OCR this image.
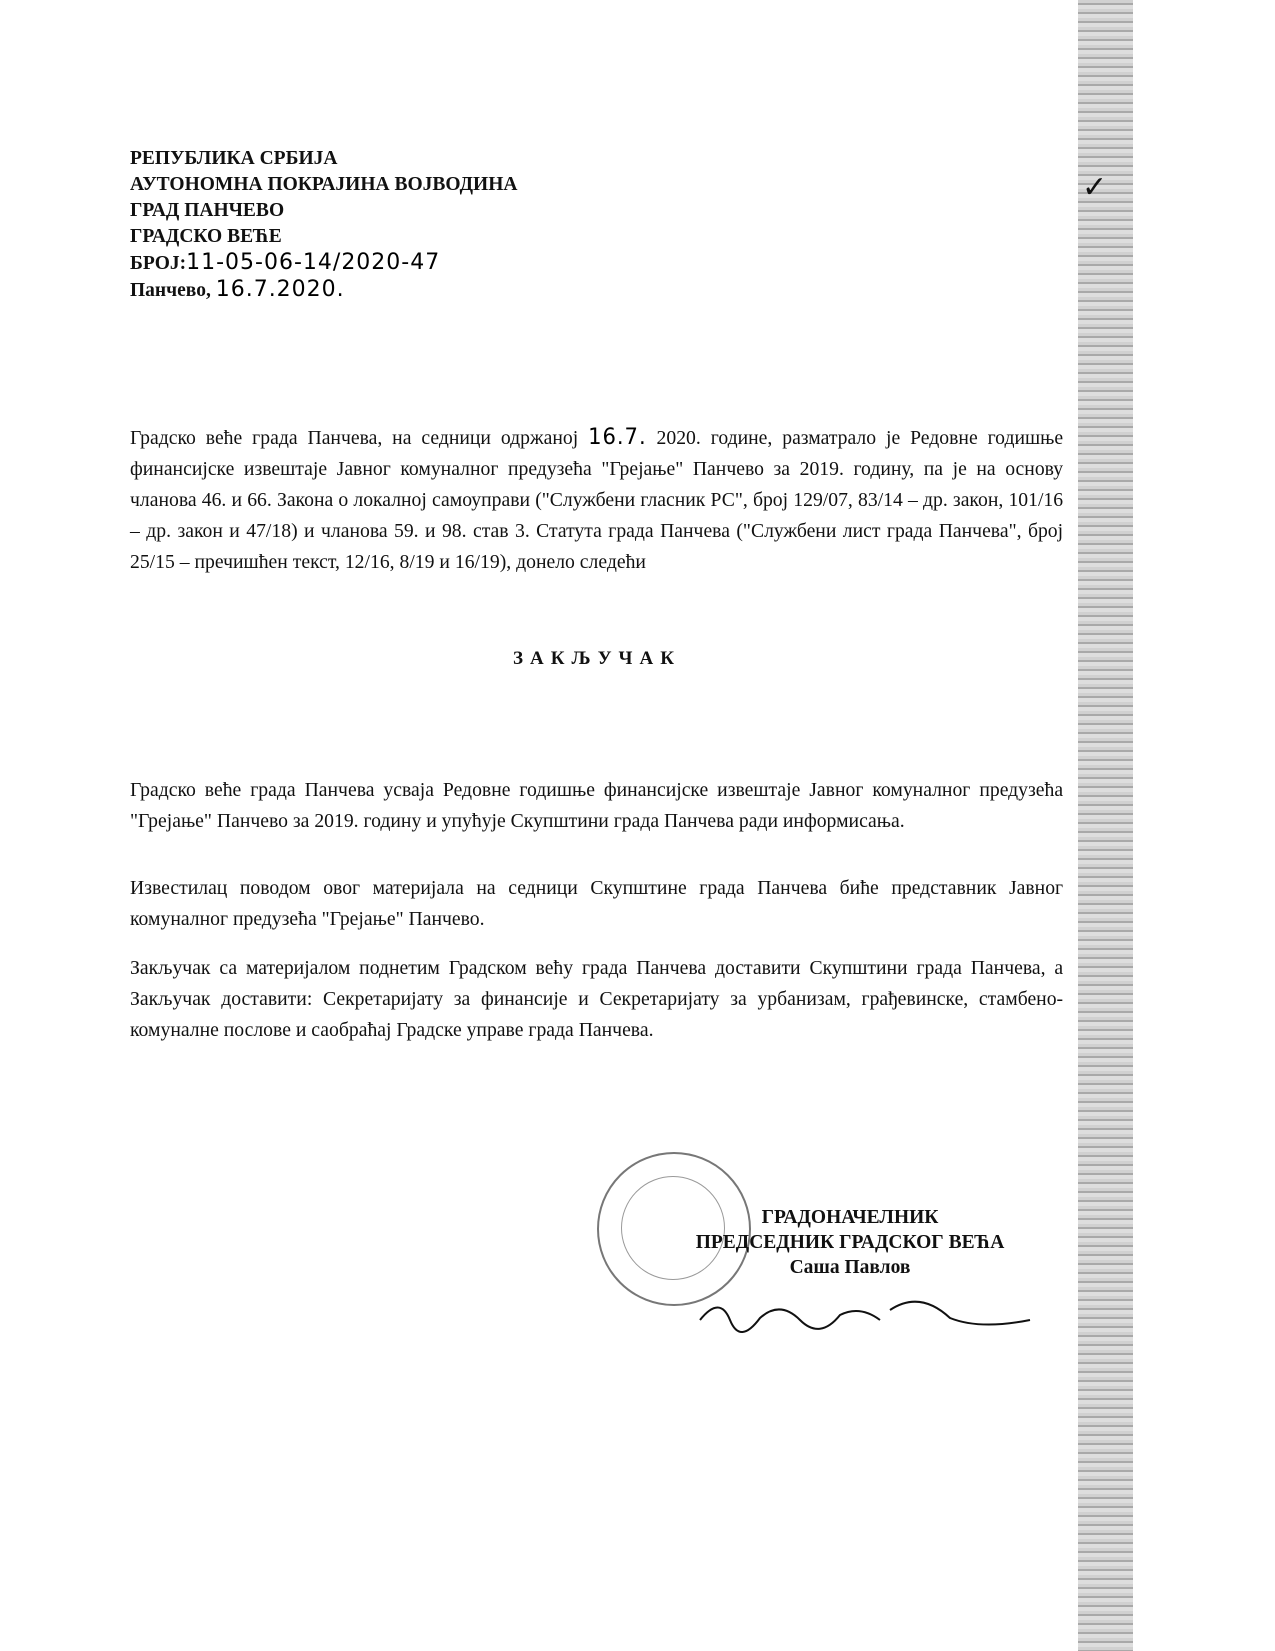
✓
РЕПУБЛИКА СРБИЈА
АУТОНОМНА ПОКРАЈИНА ВОЈВОДИНА
ГРАД ПАНЧЕВО
ГРАДСКО ВЕЋЕ
БРОЈ:11-05-06-14/2020-47
Панчево, 16.7.2020.
Градско веће града Панчева, на седници одржаној 16.7. 2020. године, разматрало је Редовне годишње финансијске извештаје Јавног комуналног предузећа "Грејање" Панчево за 2019. годину, па је на основу чланова 46. и 66. Закона о локалној самоуправи ("Службени гласник РС", број 129/07, 83/14 – др. закон, 101/16 – др. закон и 47/18) и чланова 59. и 98. став 3. Статута града Панчева ("Службени лист града Панчева", број 25/15 – пречишћен текст, 12/16, 8/19 и 16/19), донело следећи
ЗАКЉУЧАК
Градско веће града Панчева усваја Редовне годишње финансијске извештаје Јавног комуналног предузећа "Грејање" Панчево за 2019. годину и упућује Скупштини града Панчева ради информисања.
Известилац поводом овог материјала на седници Скупштине града Панчева биће представник Јавног комуналног предузећа "Грејање" Панчево.
Закључак са материјалом поднетим Градском већу града Панчева доставити Скупштини града Панчева, а Закључак доставити: Секретаријату за финансије и Секретаријату за урбанизам, грађевинске, стамбено-комуналне послове и саобраћај Градске управе града Панчева.
ГРАДОНАЧЕЛНИК
ПРЕДСЕДНИК ГРАДСКОГ ВЕЋА
Саша Павлов
